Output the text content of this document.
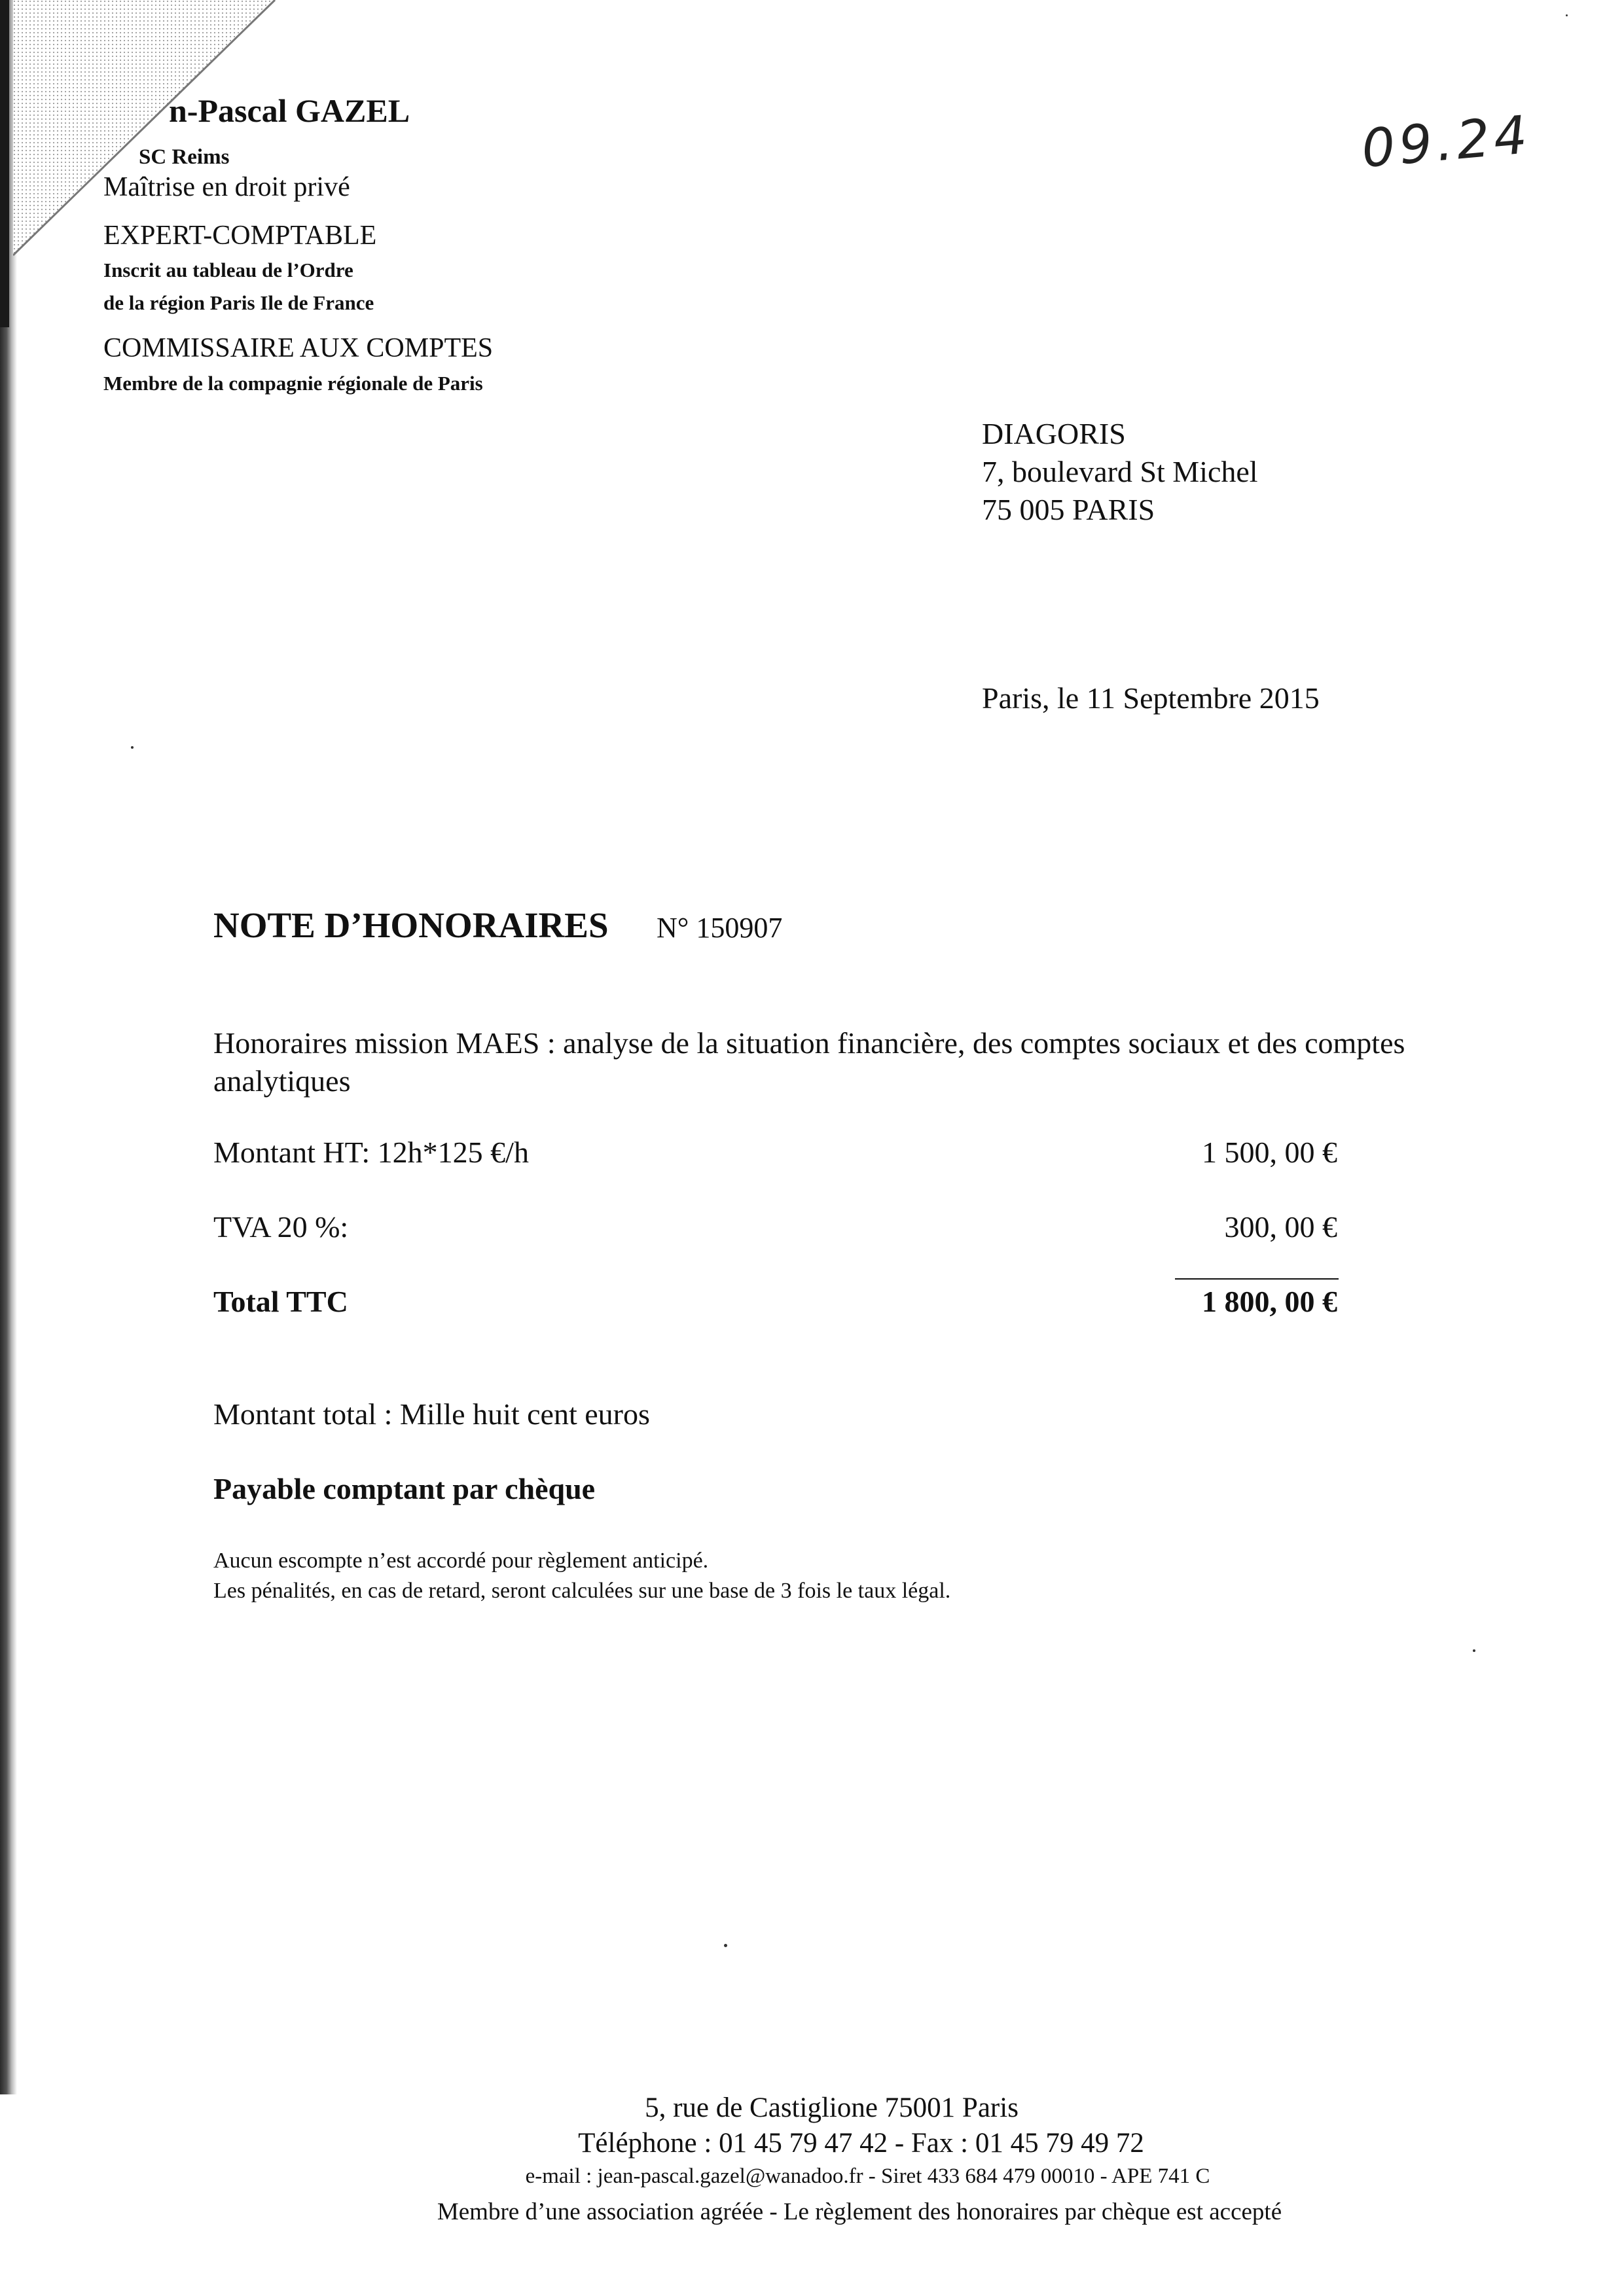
n-Pascal GAZEL
SC Reims
Maîtrise en droit privé
EXPERT-COMPTABLE
Inscrit au tableau de l’Ordre
de la région Paris Ile de France
COMMISSAIRE AUX COMPTES
Membre de la compagnie régionale de Paris
09.24
DIAGORIS
7, boulevard St Michel
75 005 PARIS
Paris, le 11 Septembre 2015
NOTE D’HONORAIRES N° 150907
Honoraires mission MAES : analyse de la situation financière, des comptes sociaux et des comptes analytiques
Montant HT: 12h*125 €/h	1 500, 00 €
TVA 20 %:	300, 00 €
Total TTC	1 800, 00 €
Montant total : Mille huit cent euros
Payable comptant par chèque
Aucun escompte n’est accordé pour règlement anticipé.
Les pénalités, en cas de retard, seront calculées sur une base de 3 fois le taux légal.
5, rue de Castiglione 75001 Paris
Téléphone : 01 45 79 47 42 - Fax : 01 45 79 49 72
e-mail : jean-pascal.gazel@wanadoo.fr - Siret 433 684 479 00010 - APE 741 C
Membre d’une association agréée - Le règlement des honoraires par chèque est accepté
